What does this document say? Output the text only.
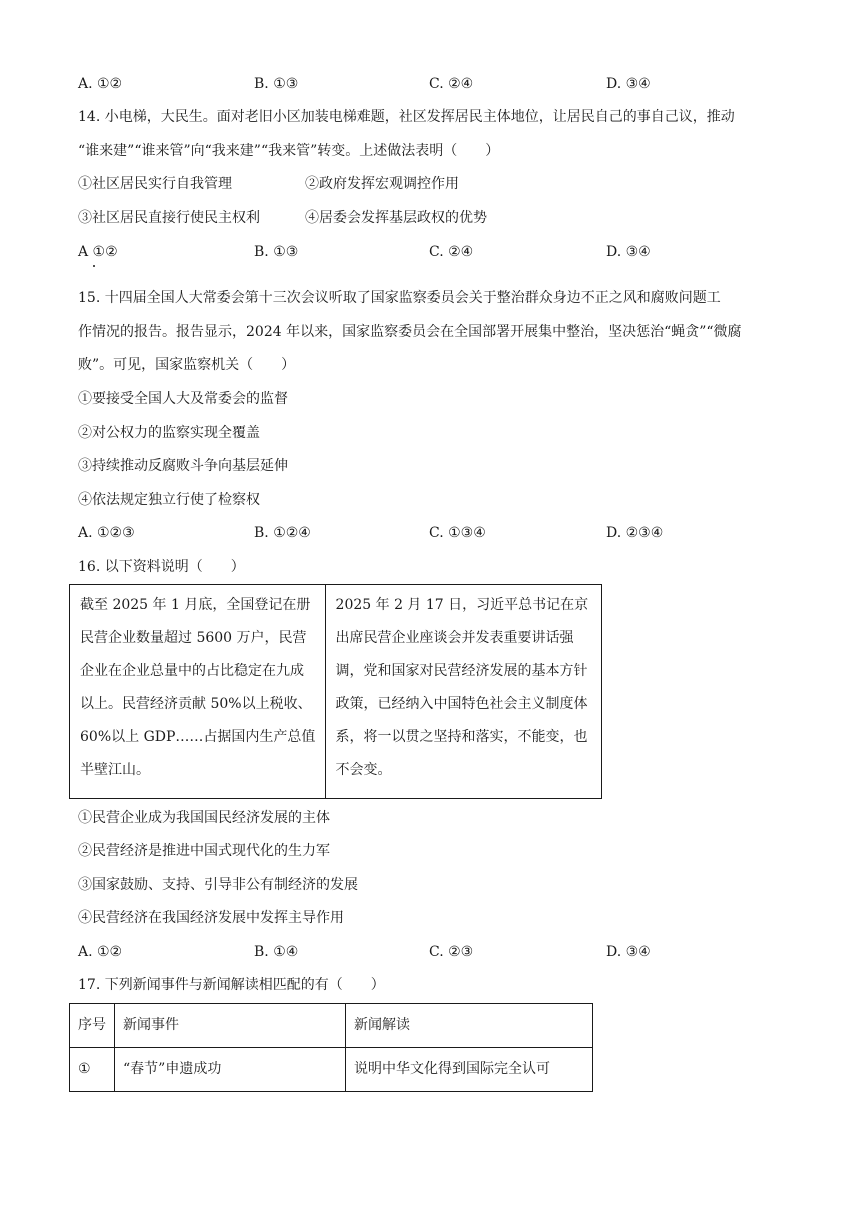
A. ①②	B. ①③	C. ②④	D. ③④
14. 小电梯，大民生。面对老旧小区加装电梯难题，社区发挥居民主体地位，让居民自己的事自己议，推动
“谁来建”“谁来管”向“我来建”“我来管”转变。上述做法表明（　　）
①社区居民实行自我管理	②政府发挥宏观调控作用
③社区居民直接行使民主权利	④居委会发挥基层政权的优势
A ①②	B. ①③	C. ②④	D. ③④
15. 十四届全国人大常委会第十三次会议听取了国家监察委员会关于整治群众身边不正之风和腐败问题工
作情况的报告。报告显示，2024 年以来，国家监察委员会在全国部署开展集中整治，坚决惩治“蝇贪”“微腐
败”。可见，国家监察机关（　　）
①要接受全国人大及常委会的监督
②对公权力的监察实现全覆盖
③持续推动反腐败斗争向基层延伸
④依法规定独立行使了检察权
A. ①②③	B. ①②④	C. ①③④	D. ②③④
16. 以下资料说明（　　）
截至 2025 年 1 月底，全国登记在册民营企业数量超过 5600 万户，民营企业在企业总量中的占比稳定在九成以上。民营经济贡献 50%以上税收、60%以上 GDP……占据国内生产总值半壁江山。	2025 年 2 月 17 日，习近平总书记在京出席民营企业座谈会并发表重要讲话强调，党和国家对民营经济发展的基本方针政策，已经纳入中国特色社会主义制度体系，将一以贯之坚持和落实，不能变，也不会变。
①民营企业成为我国国民经济发展的主体
②民营经济是推进中国式现代化的生力军
③国家鼓励、支持、引导非公有制经济的发展
④民营经济在我国经济发展中发挥主导作用
A. ①②	B. ①④	C. ②③	D. ③④
17. 下列新闻事件与新闻解读相匹配的有（　　）
序号	新闻事件	新闻解读
①	“春节”申遗成功	说明中华文化得到国际完全认可
